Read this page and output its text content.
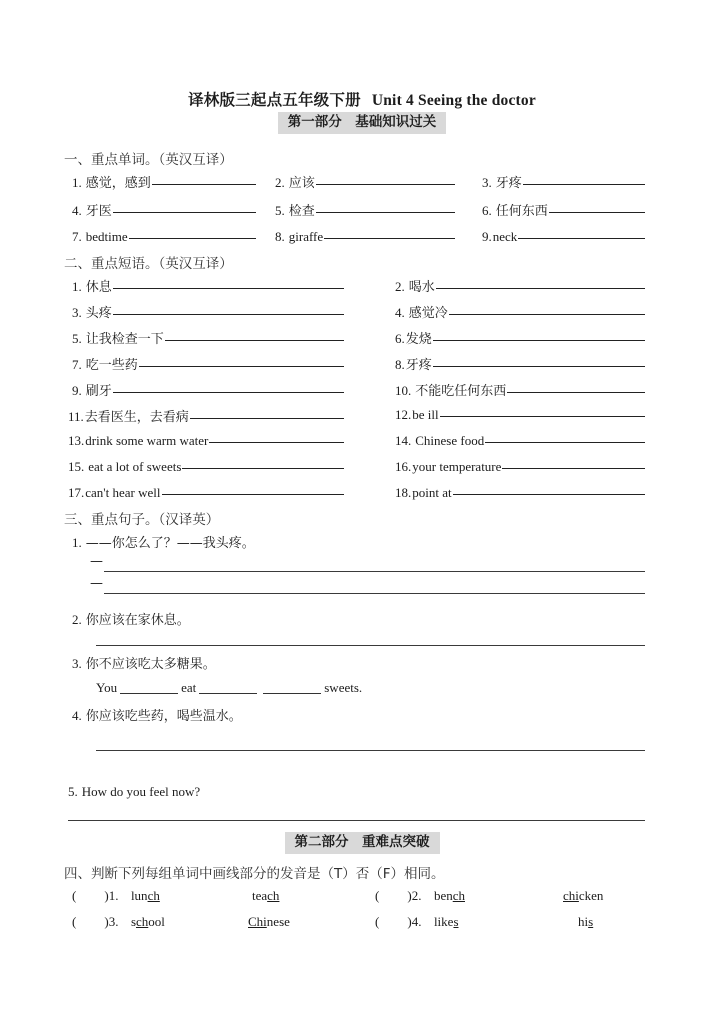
译林版三起点五年级下册 Unit 4 Seeing the doctor
第一部分　基础知识过关
一、重点单词。（英汉互译）
1. 感觉，感到	2. 应该	3. 牙疼
4. 牙医	5. 检查	6. 任何东西
7. bedtime	8. giraffe	9. neck
二、重点短语。（英汉互译）
1. 休息	2. 喝水
3. 头疼	4. 感觉冷
5. 让我检查一下	6. 发烧
7. 吃一些药	8. 牙疼
9. 刷牙	10. 不能吃任何东西
11. 去看医生，去看病	12. be ill
13. drink some warm water	14. Chinese food
15. eat a lot of sweets	16. your temperature
17. can't hear well	18. point at
三、重点句子。（汉译英）
1. ——你怎么了？——我头疼。
—
—
2. 你应该在家休息。
3. 你不应该吃太多糖果。
You	eat	sweets.
4. 你应该吃些药，喝些温水。
5. How do you feel now?
第二部分　重难点突破
四、判断下列每组单词中画线部分的发音是（T）否（F）相同。
( )1. lunch	teach	( )2. bench	chicken
( )3. school	Chinese	( )4. likes	his
